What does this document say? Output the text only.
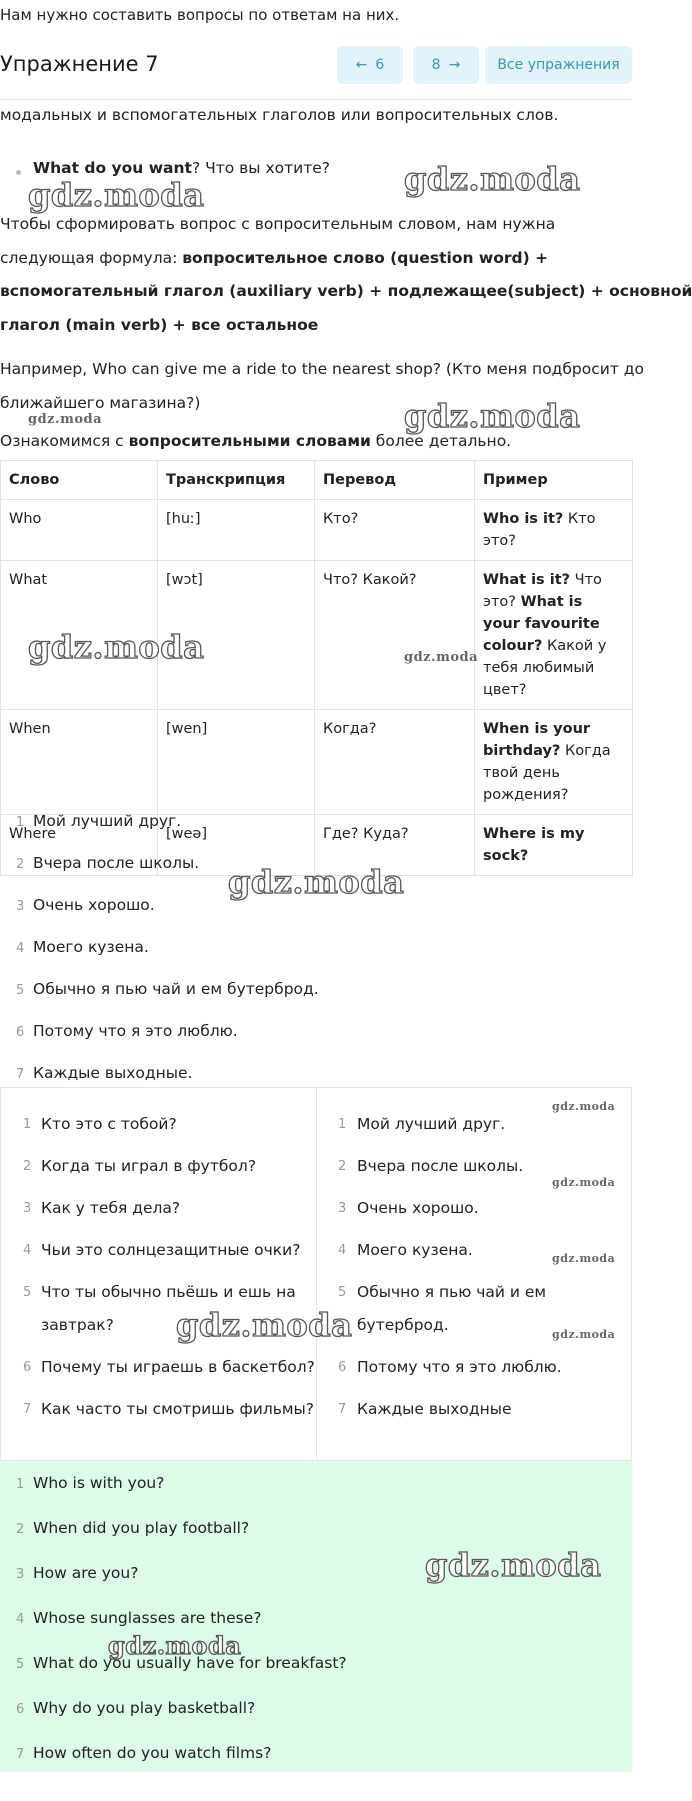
Нам нужно составить вопросы по ответам на них.
Упражнение 7	← 6	8 →	Все упражнения
модальных и вспомогательных глаголов или вопросительных слов.
What do you want? Что вы хотите?
Чтобы сформировать вопрос с вопросительным словом, нам нужна
следующая формула: вопросительное слово (question word) +
вспомогательный глагол (auxiliary verb) + подлежащее(subject) + основной
глагол (main verb) + все остальное
Например, Who can give me a ride to the nearest shop? (Кто меня подбросит до
ближайшего магазина?)
Ознакомимся с вопросительными словами более детально.
Слово	Транскрипция	Перевод	Пример
Who	[huː]	Кто?	Who is it? Кто это?
What	[wɔt]	Что? Какой?	What is it? Что это? What is your favourite colour? Какой у тебя любимый цвет?
When	[wen]	Когда?	When is your birthday? Когда твой день рождения?
Where	[weə]	Где? Куда?	Where is my sock?
1 Мой лучший друг.
2 Вчера после школы.
3 Очень хорошо.
4 Моего кузена.
5 Обычно я пью чай и ем бутерброд.
6 Потому что я это люблю.
7 Каждые выходные.
1 Кто это с тобой?
2 Когда ты играл в футбол?
3 Как у тебя дела?
4 Чьи это солнцезащитные очки?
5 Что ты обычно пьёшь и ешь на завтрак?
6 Почему ты играешь в баскетбол?
7 Как часто ты смотришь фильмы?
1 Мой лучший друг.
2 Вчера после школы.
3 Очень хорошо.
4 Моего кузена.
5 Обычно я пью чай и ем бутерброд.
6 Потому что я это люблю.
7 Каждые выходные
1 Who is with you?
2 When did you play football?
3 How are you?
4 Whose sunglasses are these?
5 What do you usually have for breakfast?
6 Why do you play basketball?
7 How often do you watch films?
gdz.moda	gdz.moda
gdz.moda	gdz.moda
gdz.moda	gdz.moda
gdz.moda
gdz.moda
gdz.moda
gdz.moda
gdz.moda
gdz.moda
gdz.moda
gdz.moda
